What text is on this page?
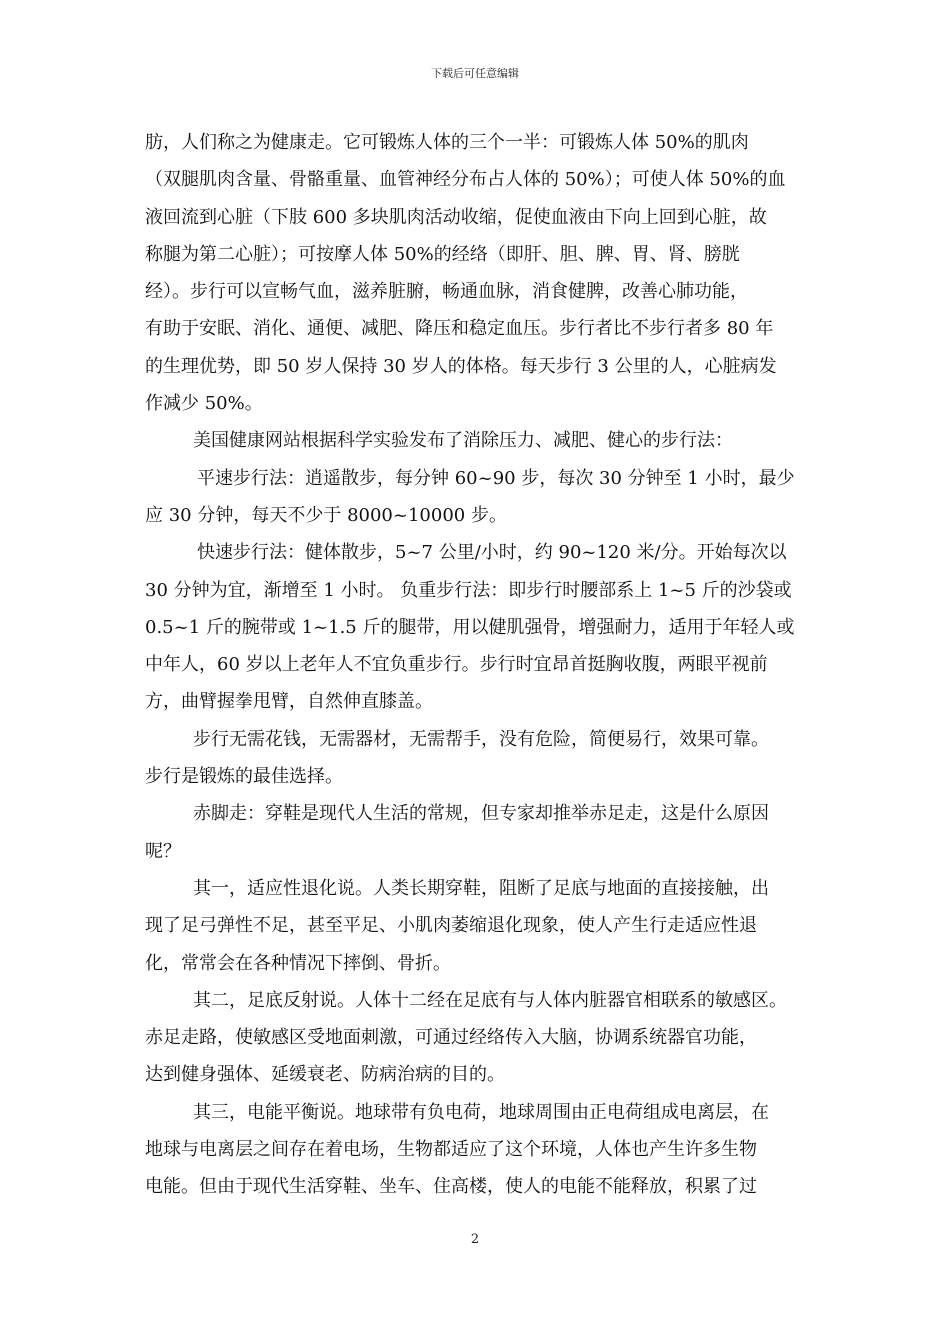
下载后可任意编辑
肪，人们称之为健康走。它可锻炼人体的三个一半：可锻炼人体 50%的肌肉
（双腿肌肉含量、骨骼重量、血管神经分布占人体的 50%）；可使人体 50%的血
液回流到心脏（下肢 600 多块肌肉活动收缩，促使血液由下向上回到心脏，故
称腿为第二心脏）；可按摩人体 50%的经络（即肝、胆、脾、胃、肾、膀胱
经）。步行可以宣畅气血，滋养脏腑，畅通血脉，消食健脾，改善心肺功能，
有助于安眠、消化、通便、减肥、降压和稳定血压。步行者比不步行者多 80 年
的生理优势，即 50 岁人保持 30 岁人的体格。每天步行 3 公里的人，心脏病发
作减少 50%。
美国健康网站根据科学实验发布了消除压力、减肥、健心的步行法：
平速步行法：逍遥散步，每分钟 60~90 步，每次 30 分钟至 1 小时，最少
应 30 分钟，每天不少于 8000~10000 步。
快速步行法：健体散步，5~7 公里/小时，约 90~120 米/分。开始每次以
30 分钟为宜，渐增至 1 小时。 负重步行法：即步行时腰部系上 1~5 斤的沙袋或
0.5~1 斤的腕带或 1~1.5 斤的腿带，用以健肌强骨，增强耐力，适用于年轻人或
中年人，60 岁以上老年人不宜负重步行。步行时宜昂首挺胸收腹，两眼平视前
方，曲臂握拳甩臂，自然伸直膝盖。
步行无需花钱，无需器材，无需帮手，没有危险，简便易行，效果可靠。
步行是锻炼的最佳选择。
赤脚走：穿鞋是现代人生活的常规，但专家却推举赤足走，这是什么原因
呢？
其一，适应性退化说。人类长期穿鞋，阻断了足底与地面的直接接触，出
现了足弓弹性不足，甚至平足、小肌肉萎缩退化现象，使人产生行走适应性退
化，常常会在各种情况下摔倒、骨折。
其二，足底反射说。人体十二经在足底有与人体内脏器官相联系的敏感区。
赤足走路，使敏感区受地面刺激，可通过经络传入大脑，协调系统器官功能，
达到健身强体、延缓衰老、防病治病的目的。
其三，电能平衡说。地球带有负电荷，地球周围由正电荷组成电离层，在
地球与电离层之间存在着电场，生物都适应了这个环境，人体也产生许多生物
电能。但由于现代生活穿鞋、坐车、住高楼，使人的电能不能释放，积累了过
2
